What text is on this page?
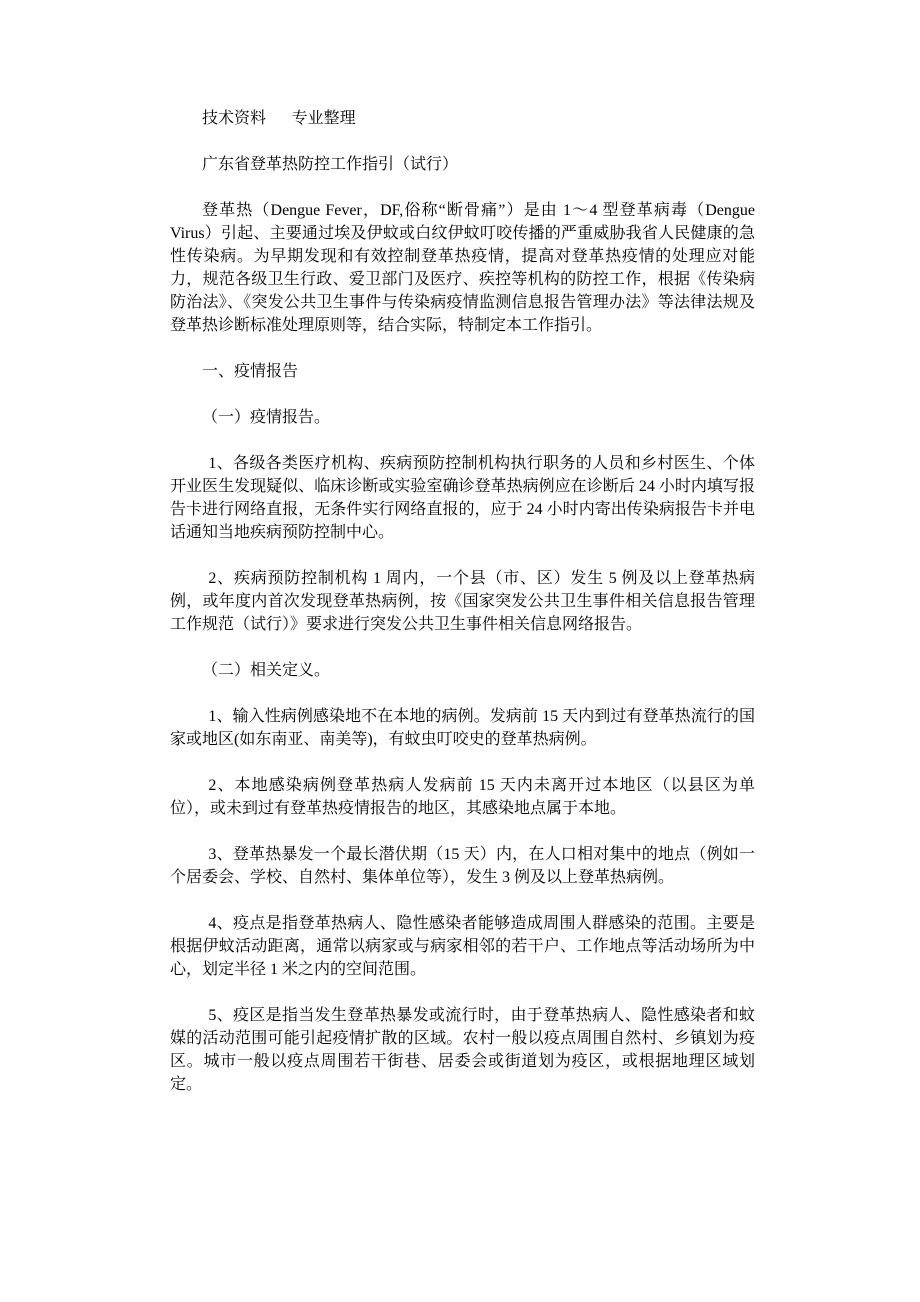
技术资料 专业整理

广东省登革热防控工作指引（试行）

登革热（Dengue Fever，DF,俗称“断骨痛”）是由 1～4 型登革病毒（Dengue Virus）引起、主要通过埃及伊蚊或白纹伊蚊叮咬传播的严重威胁我省人民健康的急性传染病。为早期发现和有效控制登革热疫情，提高对登革热疫情的处理应对能力，规范各级卫生行政、爱卫部门及医疗、疾控等机构的防控工作，根据《传染病防治法》、《突发公共卫生事件与传染病疫情监测信息报告管理办法》等法律法规及登革热诊断标准处理原则等，结合实际，特制定本工作指引。

一、疫情报告

（一）疫情报告。

1、各级各类医疗机构、疾病预防控制机构执行职务的人员和乡村医生、个体开业医生发现疑似、临床诊断或实验室确诊登革热病例应在诊断后 24 小时内填写报告卡进行网络直报，无条件实行网络直报的，应于 24 小时内寄出传染病报告卡并电话通知当地疾病预防控制中心。

2、疾病预防控制机构 1 周内，一个县（市、区）发生 5 例及以上登革热病例，或年度内首次发现登革热病例，按《国家突发公共卫生事件相关信息报告管理工作规范（试行）》要求进行突发公共卫生事件相关信息网络报告。

（二）相关定义。

1、输入性病例感染地不在本地的病例。发病前 15 天内到过有登革热流行的国家或地区(如东南亚、南美等)，有蚊虫叮咬史的登革热病例。

2、本地感染病例登革热病人发病前 15 天内未离开过本地区（以县区为单位），或未到过有登革热疫情报告的地区，其感染地点属于本地。

3、登革热暴发一个最长潜伏期（15 天）内，在人口相对集中的地点（例如一个居委会、学校、自然村、集体单位等），发生 3 例及以上登革热病例。

4、疫点是指登革热病人、隐性感染者能够造成周围人群感染的范围。主要是根据伊蚊活动距离，通常以病家或与病家相邻的若干户、工作地点等活动场所为中心，划定半径 1 米之内的空间范围。

5、疫区是指当发生登革热暴发或流行时，由于登革热病人、隐性感染者和蚊媒的活动范围可能引起疫情扩散的区域。农村一般以疫点周围自然村、乡镇划为疫区。城市一般以疫点周围若干街巷、居委会或街道划为疫区，或根据地理区域划定。
